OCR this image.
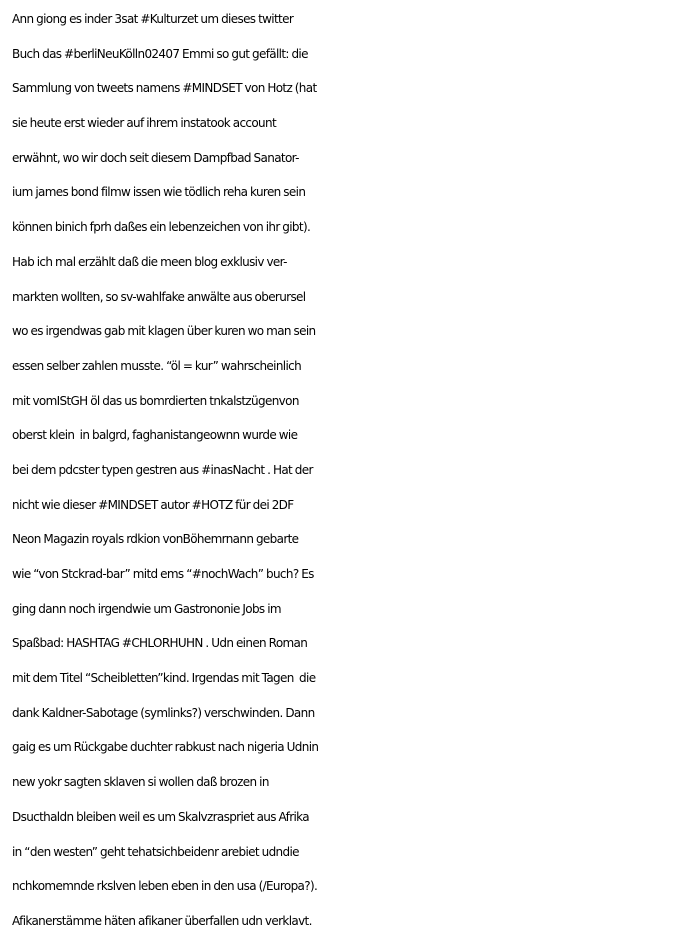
Ann giong es inder 3sat #Kulturzet um dieses twitter
Buch das #berliNeuKölln02407 Emmi so gut gefällt: die
Sammlung von tweets namens #MINDSET von Hotz (hat
sie heute erst wieder auf ihrem instatook account
erwähnt, wo wir doch seit diesem Dampfbad Sanator-
ium james bond filmw issen wie tödlich reha kuren sein
können binich fprh daßes ein lebenzeichen von ihr gibt).
Hab ich mal erzählt daß die meen blog exklusiv ver-
markten wollten, so sv-wahlfake anwälte aus oberursel
wo es irgendwas gab mit klagen über kuren wo man sein
essen selber zahlen musste. “öl = kur” wahrscheinlich
mit vomIStGH öl das us bomrdierten tnkalstzügenvon
oberst klein  in balgrd, faghanistangeownn wurde wie
bei dem pdcster typen gestren aus #inasNacht . Hat der
nicht wie dieser #MINDSET autor #HOTZ für dei 2DF
Neon Magazin royals rdkion vonBöhemrnann gebarte
wie “von Stckrad-bar” mitd ems “#nochWach” buch? Es
ging dann noch irgendwie um Gastrononie Jobs im
Spaßbad: HASHTAG #CHLORHUHN . Udn einen Roman
mit dem Titel “Scheibletten”kind. Irgendas mit Tagen  die
dank Kaldner-Sabotage (symlinks?) verschwinden. Dann
gaig es um Rückgabe duchter rabkust nach nigeria Udnin
new yokr sagten sklaven si wollen daß brozen in
Dsucthaldn bleiben weil es um Skalvzraspriet aus Afrika
in “den westen” geht tehatsichbeidenr arebiet udndie
nchkomemnde rkslven leben eben in den usa (/Europa?).
Afikanerstämme häten afikaner überfallen udn verklavt.
